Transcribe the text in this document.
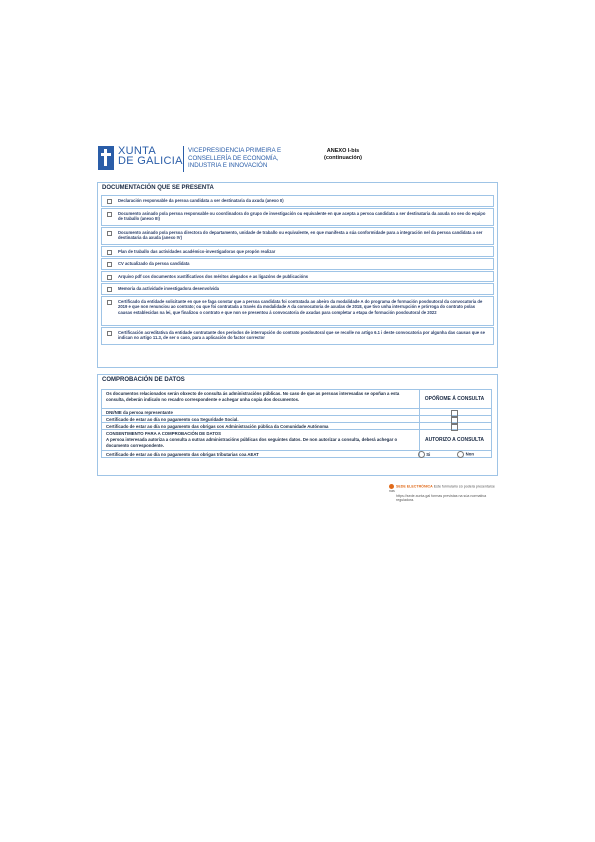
XUNTA
DE GALICIA
VICEPRESIDENCIA PRIMEIRA E
CONSELLERÍA DE ECONOMÍA,
INDUSTRIA E INNOVACIÓN
ANEXO I-bis
(continuación)
DOCUMENTACIÓN QUE SE PRESENTA
Declaración responsable da persoa candidata a ser destinataria da axuda (anexo II)
Documento asinado pola persoa responsable ou coordinadora do grupo de investigación ou equivalente en que acepta a persoa candidata a ser destinataria da axuda no seo do equipo de traballo (anexo III)
Documento asinado pola persoa directora do departamento, unidade de traballo ou equivalente, en que manifesta a súa conformidade para a integración nel da persoa candidata a ser destinataria da axuda (anexo IV)
Plan de traballo das actividades académico-investigadoras que propón realizar
CV actualizado da persoa candidata
Arquivo pdf cos documentos xustificativos dos méritos alegados e as ligazóns de publicacións
Memoria da actividade investigadora desenvolvida
Certificado da entidade solicitante en que se faga constar que a persoa candidata foi contratada ao abeiro da modalidade A do programa de formación posdoutoral da convocatoria de 2019 e que non renunciou ao contrato; ou que foi contratada a través da modalidade A da convocatoria de axudas de 2018, que tivo unha interrupción e prórroga do contrato polas causas establecidas na lei, que finalizou o contrato e que non se presentou á convocatoria de axudas para completar a etapa de formación posdoutoral de 2022
Certificación acreditativa da entidade contratante dos períodos de interrupción do contrato posdoutoral que se recolle no artigo 6.1 i deste convocatoria por algunha das causas que se indican no artigo 11.3, de ser o caso, para a aplicación do factor corrector
COMPROBACIÓN DE DATOS
Os documentos relacionados serán obxecto de consulta ás administracións públicas. No caso de que as persoas interesadas se opoñan a esta consulta, deberán indicalo no recadro correspondente e achegar unha copia dos documentos.	OPÓÑOME Á CONSULTA
DNI/NIE da persoa representante
Certificado de estar ao día no pagamento coa Seguridade Social.
Certificado de estar ao día no pagamento das obrigas cos Administración pública da Comunidade Autónoma
CONSENTIMENTO PARA A COMPROBACIÓN DE DATOS
A persoa interesada autoriza a consulta a outras administracións públicas dos seguintes datos. De non autorizar a consulta, deberá achegar o documento correspondente.
AUTORIZO A CONSULTA
Certificado de estar ao día no pagamento das obrigas tributarias coa AEAT	Si	Non
SEDE ELECTRÓNICA Este formulario só poderá presentarse nas
https://sede.xunta.gal formas previstas na súa normativa reguladora.
